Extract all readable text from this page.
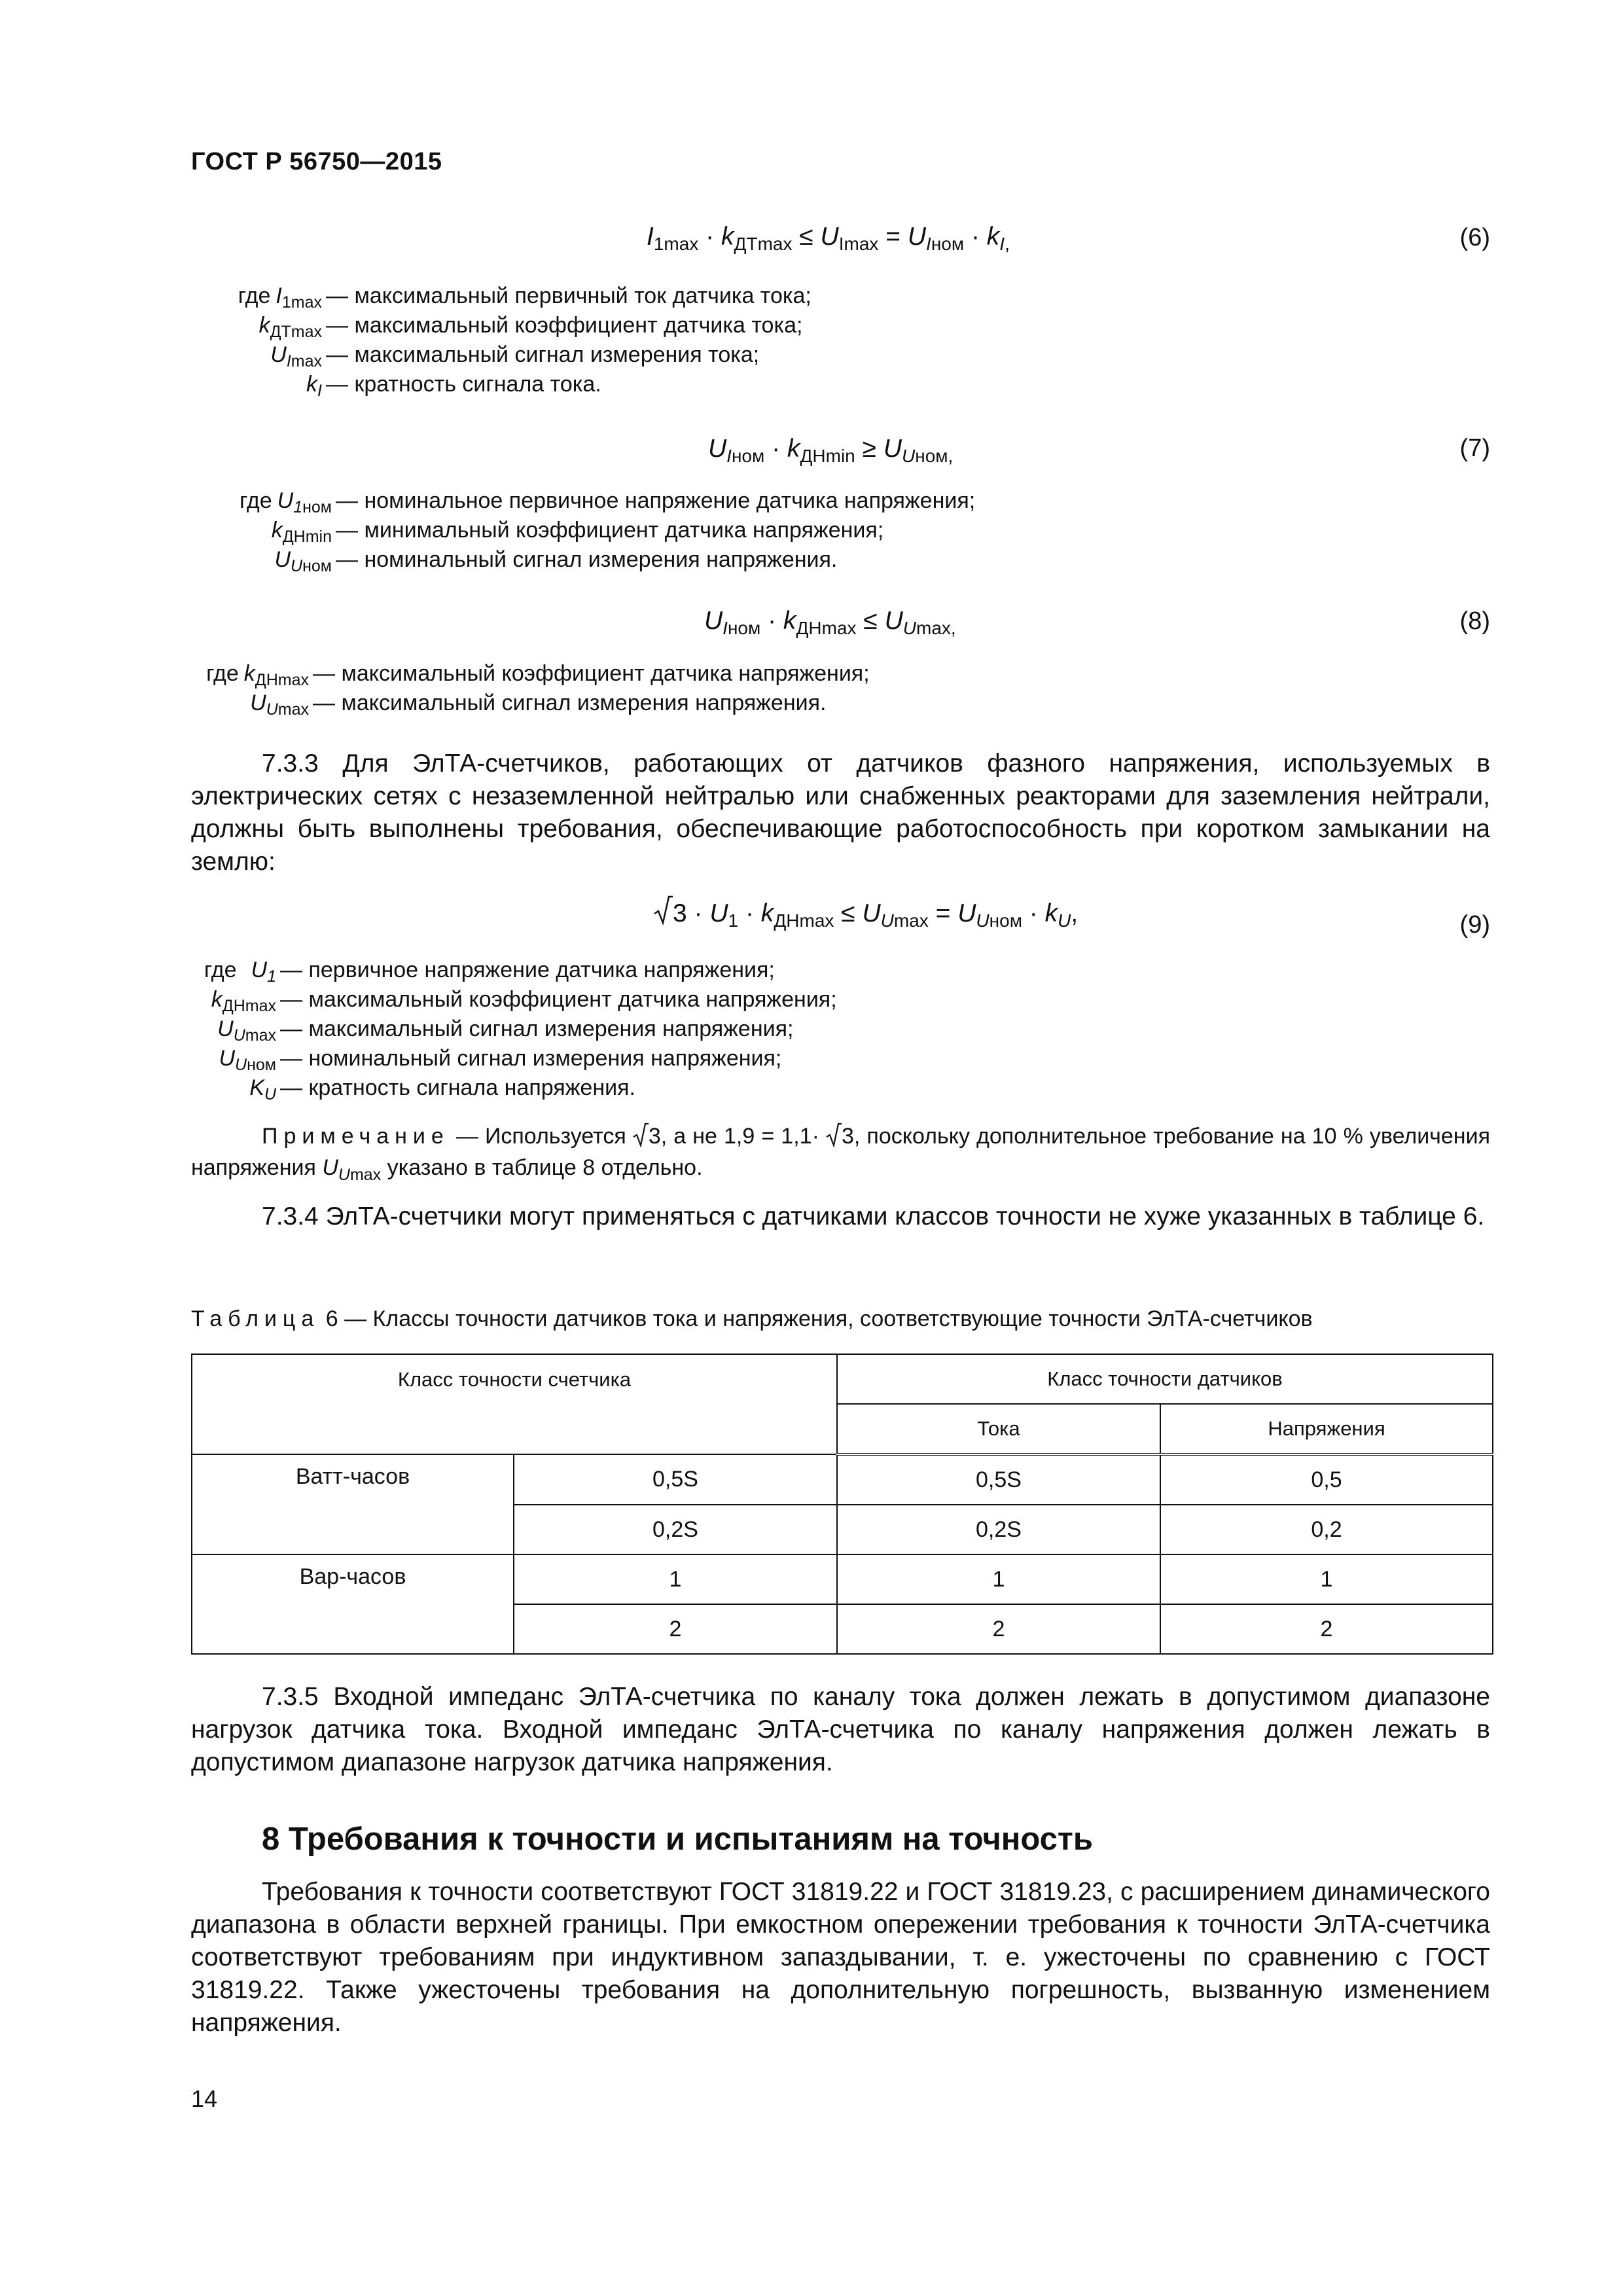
ГОСТ Р 56750—2015
$I_{1max} \cdot k_{ДТmax} \le U_{Imax} = U_{Iном} \cdot k_{I,}$	(6)
где $I_{1max}$ — максимальный первичный ток датчика тока;
$k_{ДТmax}$ — максимальный коэффициент датчика тока;
$U_{Imax}$ — максимальный сигнал измерения тока;
$k_I$ — кратность сигнала тока.
$U_{Iном} \cdot k_{ДНmin} \ge U_{Uном,}$	(7)
где $U_{1ном}$ — номинальное первичное напряжение датчика напряжения;
$k_{ДНmin}$ — минимальный коэффициент датчика напряжения;
$U_{Uном}$ — номинальный сигнал измерения напряжения.
$U_{Iном} \cdot k_{ДНmax} \le U_{Umax,}$	(8)
где $k_{ДНmax}$ — максимальный коэффициент датчика напряжения;
$U_{Umax}$ — максимальный сигнал измерения напряжения.

7.3.3 Для ЭлТА-счетчиков, работающих от датчиков фазного напряжения, используемых в электрических сетях с незаземленной нейтралью или снабженных реакторами для заземления нейтрали, должны быть выполнены требования, обеспечивающие работоспособность при коротком замыкании на землю:

$3 \cdot U_1 \cdot k_{ДНmax} \le U_{Umax} = U_{Uном} \cdot k_U$,	(9)
где $U_1$ — первичное напряжение датчика напряжения;
$k_{ДНmax}$ — максимальный коэффициент датчика напряжения;
$U_{Umax}$ — максимальный сигнал измерения напряжения;
$U_{Uном}$ — номинальный сигнал измерения напряжения;
$K_U$ — кратность сигнала напряжения.
Примечание — Используется 3, а не 1,9 = 1,1· 3, поскольку дополнительное требование на 10 % увеличения напряжения $U_{Umax}$ указано в таблице 8 отдельно.

7.3.4 ЭлТА-счетчики могут применяться с датчиками классов точности не хуже указанных в таблице 6.

Таблица 6 — Классы точности датчиков тока и напряжения, соответствующие точности ЭлТА-счетчиков
Класс точности счетчика		Класс точности датчиков	
		Тока	Напряжения
Ватт-часов	0,5S	0,5S	0,5
	0,2S	0,2S	0,2
Вар-часов	1	1	1
	2	2	2

7.3.5 Входной импеданс ЭлТА-счетчика по каналу тока должен лежать в допустимом диапазоне нагрузок датчика тока. Входной импеданс ЭлТА-счетчика по каналу напряжения должен лежать в допустимом диапазоне нагрузок датчика напряжения.

8 Требования к точности и испытаниям на точность

Требования к точности соответствуют ГОСТ 31819.22 и ГОСТ 31819.23, с расширением динамического диапазона в области верхней границы. При емкостном опережении требования к точности ЭлТА-счетчика соответствуют требованиям при индуктивном запаздывании, т. е. ужесточены по сравнению с ГОСТ 31819.22. Также ужесточены требования на дополнительную погрешность, вызванную изменением напряжения.

14
